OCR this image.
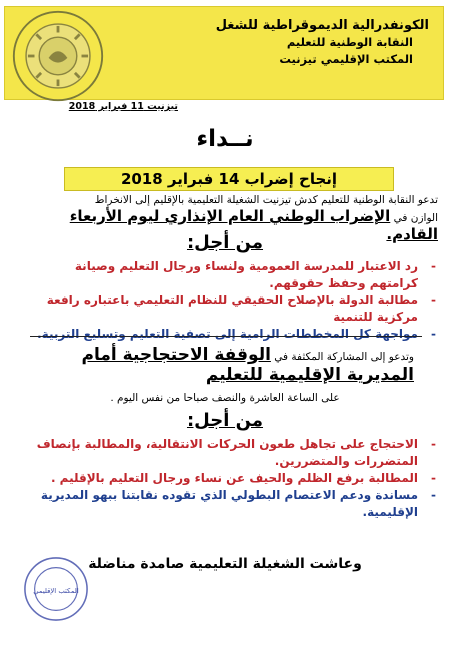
الكونفدرالية الديموقراطية للشغل
النقابة الوطنية للتعليم
المكتب الإقليمي تيزنيت
تيزنيت 11 فبراير 2018
نــداء
إنجاح إضراب 14 فبراير 2018
تدعو النقابة الوطنية للتعليم كدش تيزنيت الشغيلة التعليمية بالإقليم إلى الانخراط
الوازن في الإضراب الوطني العام الإنذاري ليوم الأربعاء القادم.
من أجل:
-
رد الاعتبار للمدرسة العمومية ولنساء ورجال التعليم وصيانة كرامتهم وحفظ حقوقهم.
-
مطالبة الدولة بالإصلاح الحقيقي للنظام التعليمي باعتباره رافعة مركزية للتنمية
-
مواجهة كل المخططات الرامية إلى تصفية التعليم وتسليع التربية.
وتدعو إلى المشاركة المكثفة في الوقفة الاحتجاجية أمام المديرية الإقليمية للتعليم
على الساعة العاشرة والنصف صباحا من نفس اليوم .
من أجل:
-
الاحتجاج على تجاهل طعون الحركات الانتقالية، والمطالبة بإنصاف المتضررات والمتضررين.
-
المطالبة برفع الظلم والحيف عن نساء ورجال التعليم بالإقليم .
-
مساندة ودعم الاعتصام البطولي الذي تقوده نقابتنا ببهو المديرية الإقليمية.
وعاشت الشغيلة التعليمية صامدة مناضلة
المكتب الإقليمي
